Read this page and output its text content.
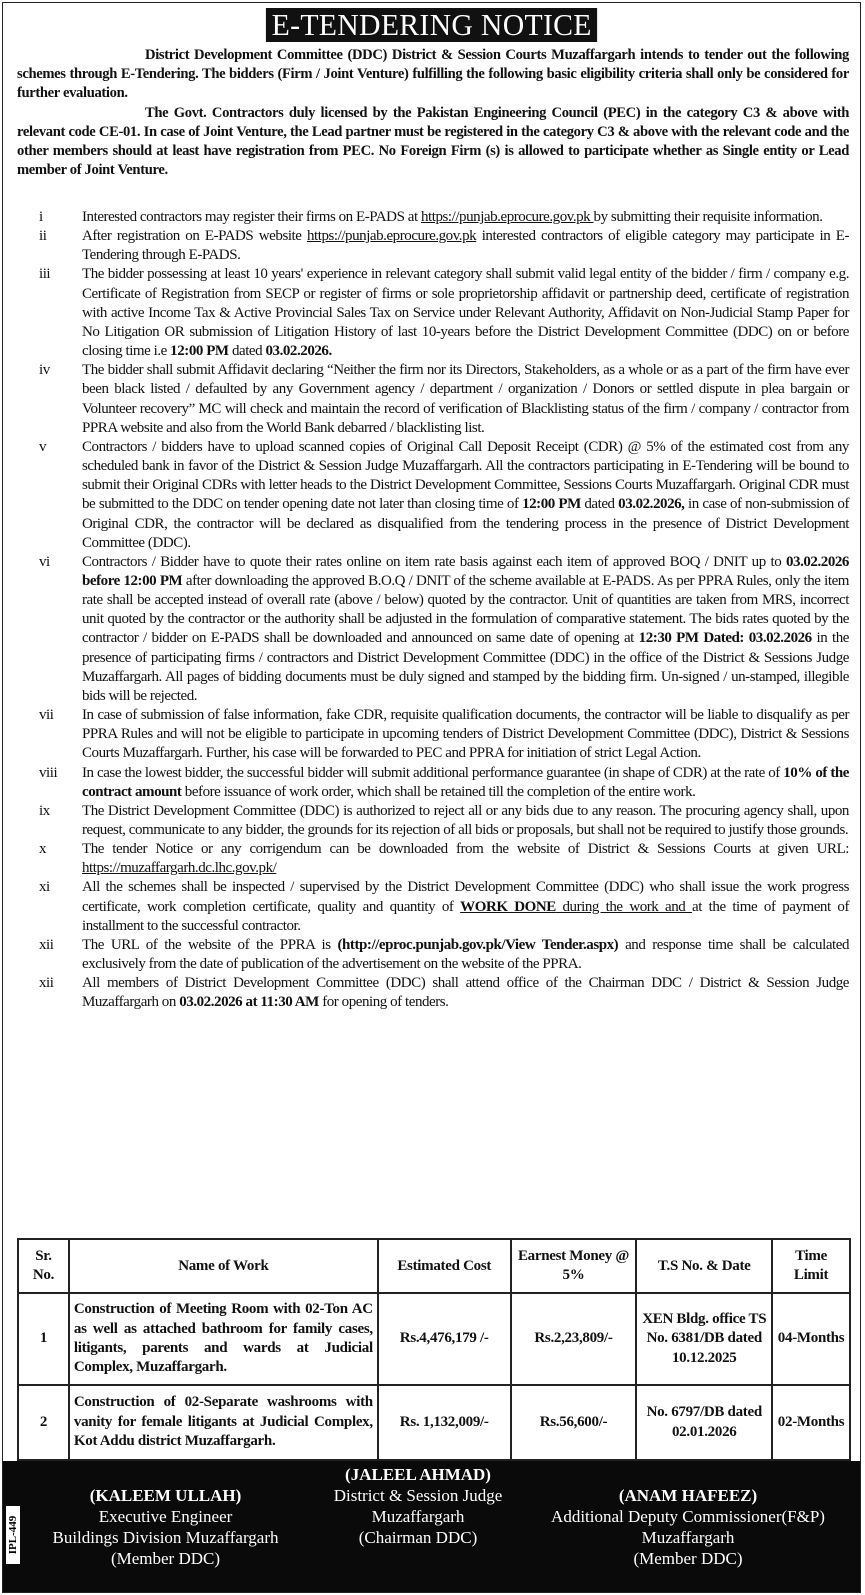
E-TENDERING NOTICE

District Development Committee (DDC) District & Session Courts Muzaffargarh intends to tender out the following schemes through E-Tendering. The bidders (Firm / Joint Venture) fulfilling the following basic eligibility criteria shall only be considered for further evaluation.

The Govt. Contractors duly licensed by the Pakistan Engineering Council (PEC) in the category C3 & above with relevant code CE-01. In case of Joint Venture, the Lead partner must be registered in the category C3 & above with the relevant code and the other members should at least have registration from PEC. No Foreign Firm (s) is allowed to participate whether as Single entity or Lead member of Joint Venture.

i	Interested contractors may register their firms on E-PADS at https://punjab.eprocure.gov.pk by submitting their requisite information.
ii	After registration on E-PADS website https://punjab.eprocure.gov.pk interested contractors of eligible category may participate in E-Tendering through E-PADS.
iii	The bidder possessing at least 10 years' experience in relevant category shall submit valid legal entity of the bidder / firm / company e.g. Certificate of Registration from SECP or register of firms or sole proprietorship affidavit or partnership deed, certificate of registration with active Income Tax & Active Provincial Sales Tax on Service under Relevant Authority, Affidavit on Non-Judicial Stamp Paper for No Litigation OR submission of Litigation History of last 10-years before the District Development Committee (DDC) on or before closing time i.e 12:00 PM dated 03.02.2026.
iv	The bidder shall submit Affidavit declaring “Neither the firm nor its Directors, Stakeholders, as a whole or as a part of the firm have ever been black listed / defaulted by any Government agency / department / organization / Donors or settled dispute in plea bargain or Volunteer recovery” MC will check and maintain the record of verification of Blacklisting status of the firm / company / contractor from PPRA website and also from the World Bank debarred / blacklisting list.
v	Contractors / bidders have to upload scanned copies of Original Call Deposit Receipt (CDR) @ 5% of the estimated cost from any scheduled bank in favor of the District & Session Judge Muzaffargarh. All the contractors participating in E-Tendering will be bound to submit their Original CDRs with letter heads to the District Development Committee, Sessions Courts Muzaffargarh. Original CDR must be submitted to the DDC on tender opening date not later than closing time of 12:00 PM dated 03.02.2026, in case of non-submission of Original CDR, the contractor will be declared as disqualified from the tendering process in the presence of District Development Committee (DDC).
vi	Contractors / Bidder have to quote their rates online on item rate basis against each item of approved BOQ / DNIT up to 03.02.2026 before 12:00 PM after downloading the approved B.O.Q / DNIT of the scheme available at E-PADS. As per PPRA Rules, only the item rate shall be accepted instead of overall rate (above / below) quoted by the contractor. Unit of quantities are taken from MRS, incorrect unit quoted by the contractor or the authority shall be adjusted in the formulation of comparative statement. The bids rates quoted by the contractor / bidder on E-PADS shall be downloaded and announced on same date of opening at 12:30 PM Dated: 03.02.2026 in the presence of participating firms / contractors and District Development Committee (DDC) in the office of the District & Sessions Judge Muzaffargarh. All pages of bidding documents must be duly signed and stamped by the bidding firm. Un-signed / un-stamped, illegible bids will be rejected.
vii	In case of submission of false information, fake CDR, requisite qualification documents, the contractor will be liable to disqualify as per PPRA Rules and will not be eligible to participate in upcoming tenders of District Development Committee (DDC), District & Sessions Courts Muzaffargarh. Further, his case will be forwarded to PEC and PPRA for initiation of strict Legal Action.
viii	In case the lowest bidder, the successful bidder will submit additional performance guarantee (in shape of CDR) at the rate of 10% of the contract amount before issuance of work order, which shall be retained till the completion of the entire work.
ix	The District Development Committee (DDC) is authorized to reject all or any bids due to any reason. The procuring agency shall, upon request, communicate to any bidder, the grounds for its rejection of all bids or proposals, but shall not be required to justify those grounds.
x	The tender Notice or any corrigendum can be downloaded from the website of District & Sessions Courts at given URL: https://muzaffargarh.dc.lhc.gov.pk/
xi	All the schemes shall be inspected / supervised by the District Development Committee (DDC) who shall issue the work progress certificate, work completion certificate, quality and quantity of WORK DONE during the work and at the time of payment of installment to the successful contractor.
xii	The URL of the website of the PPRA is (http://eproc.punjab.gov.pk/View Tender.aspx) and response time shall be calculated exclusively from the date of publication of the advertisement on the website of the PPRA.
xii	All members of District Development Committee (DDC) shall attend office of the Chairman DDC / District & Session Judge Muzaffargarh on 03.02.2026 at 11:30 AM for opening of tenders.
Sr. No.	Name of Work	Estimated Cost	Earnest Money @ 5%	T.S No. & Date	Time Limit
1	Construction of Meeting Room with 02-Ton AC as well as attached bathroom for family cases, litigants, parents and wards at Judicial Complex, Muzaffargarh.	Rs.4,476,179 /-	Rs.2,23,809/-	XEN Bldg. office TS No. 6381/DB dated 10.12.2025	04-Months
2	Construction of 02-Separate washrooms with vanity for female litigants at Judicial Complex, Kot Addu district Muzaffargarh.	Rs. 1,132,009/-	Rs.56,600/-	No. 6797/DB dated 02.01.2026	02-Months
IPL-449
(KALEEM ULLAH)
Executive Engineer
Buildings Division Muzaffargarh
(Member DDC)
(JALEEL AHMAD)
District & Session Judge
Muzaffargarh
(Chairman DDC)
(ANAM HAFEEZ)
Additional Deputy Commissioner(F&P)
Muzaffargarh
(Member DDC)
